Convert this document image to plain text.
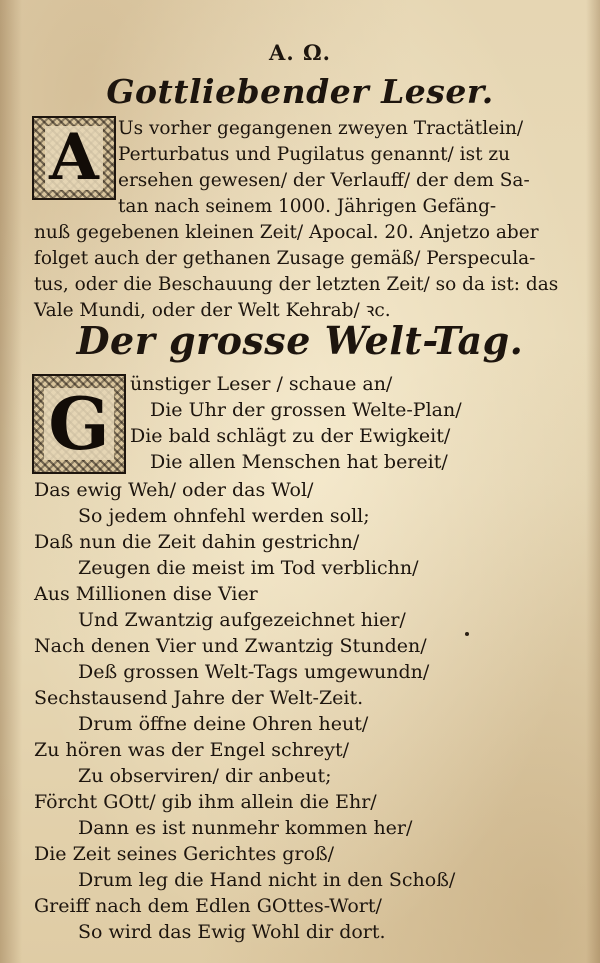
A. Ω.
Gottliebender Leser.
A Us vorher gegangenen zweyen Tractätlein/
Perturbatus und Pugilatus genannt/ ist zu
ersehen gewesen/ der Verlauff/ der dem Sa-
tan nach seinem 1000. Jährigen Gefäng-
nuß gegebenen kleinen Zeit/ Apocal. 20. Anjetzo aber
folget auch der gethanen Zusage gemäß/ Perspecula-
tus, oder die Beschauung der letzten Zeit/ so da ist: das
Vale Mundi, oder der Welt Kehrab/ ꝛc.
Der grosse Welt-Tag.
G ünstiger Leser / schaue an/
Die Uhr der grossen Welte-Plan/
Die bald schlägt zu der Ewigkeit/
Die allen Menschen hat bereit/
Das ewig Weh/ oder das Wol/
So jedem ohnfehl werden soll;
Daß nun die Zeit dahin gestrichn/
Zeugen die meist im Tod verblichn/
Aus Millionen dise Vier
Und Zwantzig aufgezeichnet hier/
Nach denen Vier und Zwantzig Stunden/
Deß grossen Welt-Tags umgewundn/
Sechstausend Jahre der Welt-Zeit.
Drum öffne deine Ohren heut/
Zu hören was der Engel schreyt/
Zu observiren/ dir anbeut;
Förcht GOtt/ gib ihm allein die Ehr/
Dann es ist nunmehr kommen her/
Die Zeit seines Gerichtes groß/
Drum leg die Hand nicht in den Schoß/
Greiff nach dem Edlen GOttes-Wort/
So wird das Ewig Wohl dir dort.
